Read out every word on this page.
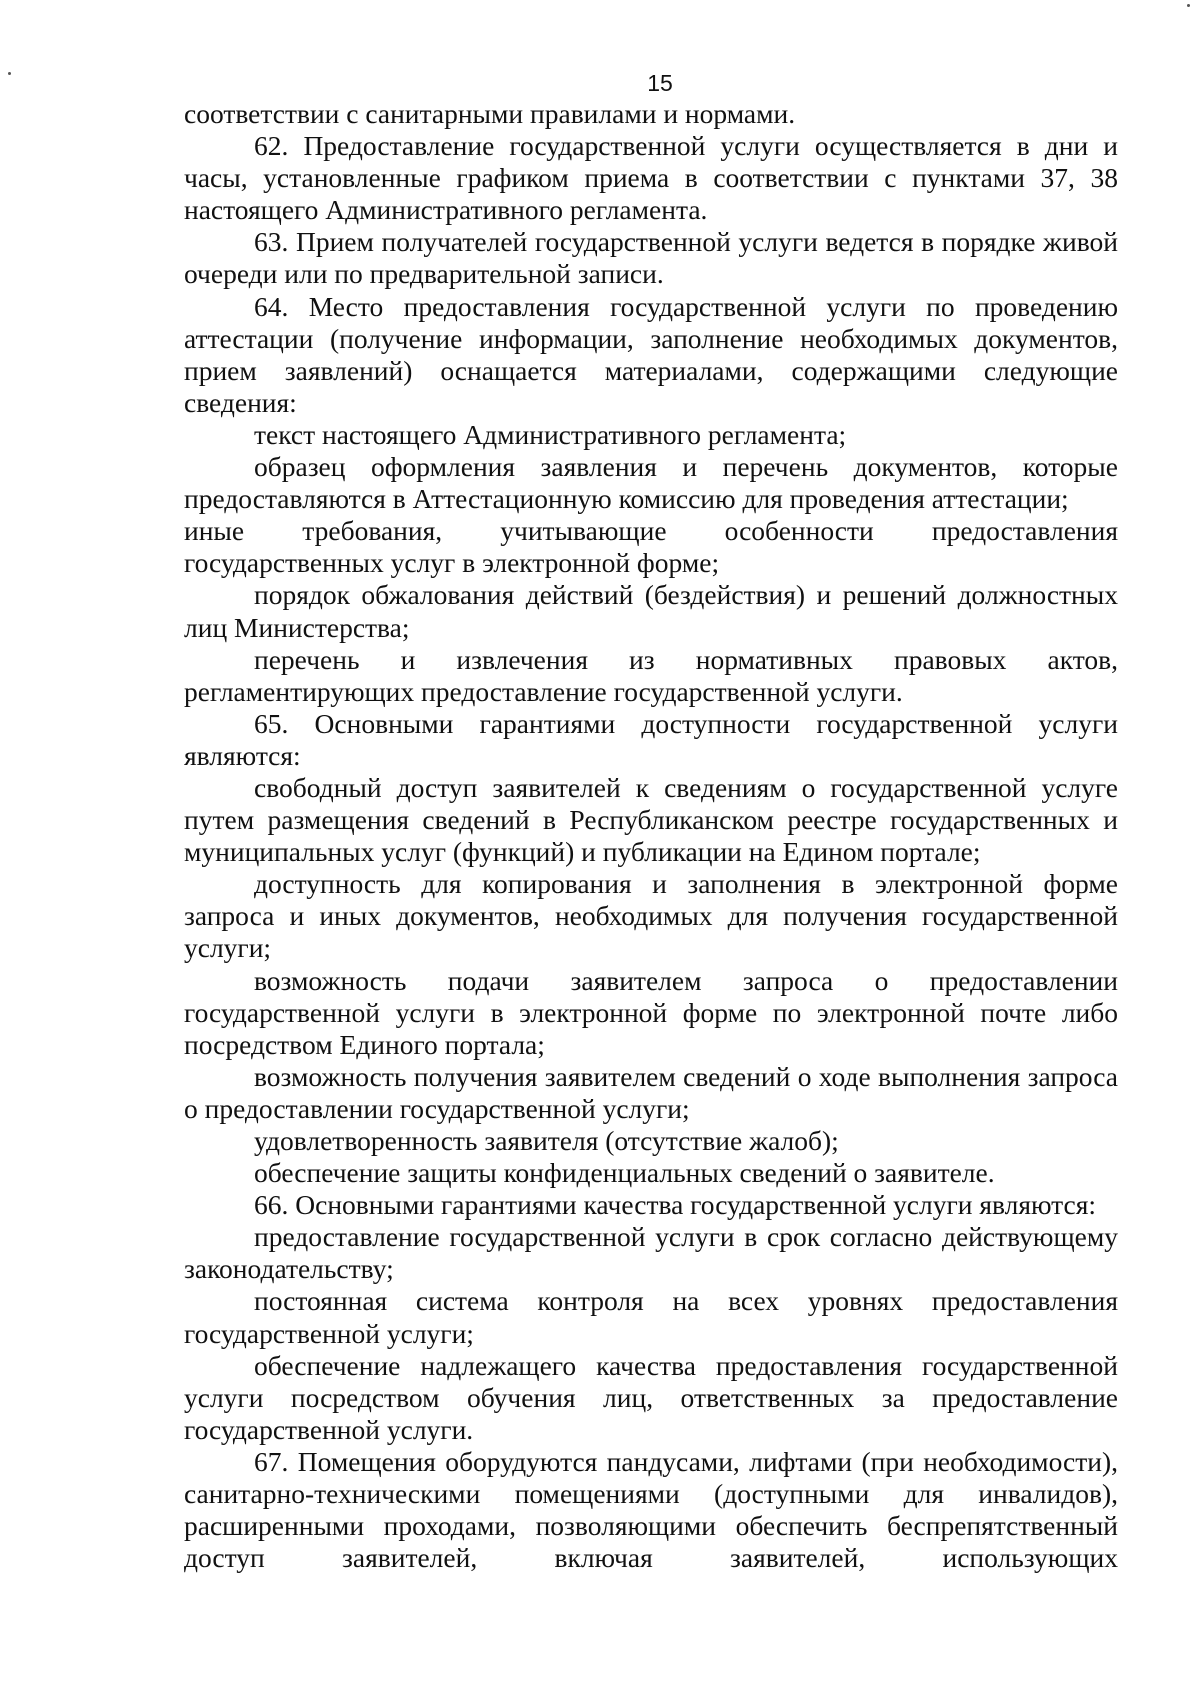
15

соответствии с санитарными правилами и нормами.

62. Предоставление государственной услуги осуществляется в дни и часы, установленные графиком приема в соответствии с пунктами 37, 38 настоящего Административного регламента.

63. Прием получателей государственной услуги ведется в порядке живой очереди или по предварительной записи.

64. Место предоставления государственной услуги по проведению аттестации (получение информации, заполнение необходимых документов, прием заявлений) оснащается материалами, содержащими следующие сведения:

текст настоящего Административного регламента;

образец оформления заявления и перечень документов, которые предоставляются в Аттестационную комиссию для проведения аттестации;

иные требования, учитывающие особенности предоставления государственных услуг в электронной форме;

порядок обжалования действий (бездействия) и решений должностных лиц Министерства;

перечень и извлечения из нормативных правовых актов, регламентирующих предоставление государственной услуги.

65. Основными гарантиями доступности государственной услуги являются:

свободный доступ заявителей к сведениям о государственной услуге путем размещения сведений в Республиканском реестре государственных и муниципальных услуг (функций) и публикации на Едином портале;

доступность для копирования и заполнения в электронной форме запроса и иных документов, необходимых для получения государственной услуги;

возможность подачи заявителем запроса о предоставлении государственной услуги в электронной форме по электронной почте либо посредством Единого портала;

возможность получения заявителем сведений о ходе выполнения запроса о предоставлении государственной услуги;

удовлетворенность заявителя (отсутствие жалоб);

обеспечение защиты конфиденциальных сведений о заявителе.

66. Основными гарантиями качества государственной услуги являются:

предоставление государственной услуги в срок согласно действующему законодательству;

постоянная система контроля на всех уровнях предоставления государственной услуги;

обеспечение надлежащего качества предоставления государственной услуги посредством обучения лиц, ответственных за предоставление государственной услуги.

67. Помещения оборудуются пандусами, лифтами (при необходимости), санитарно-техническими помещениями (доступными для инвалидов), расширенными проходами, позволяющими обеспечить беспрепятственный доступ заявителей, включая заявителей, использующих
